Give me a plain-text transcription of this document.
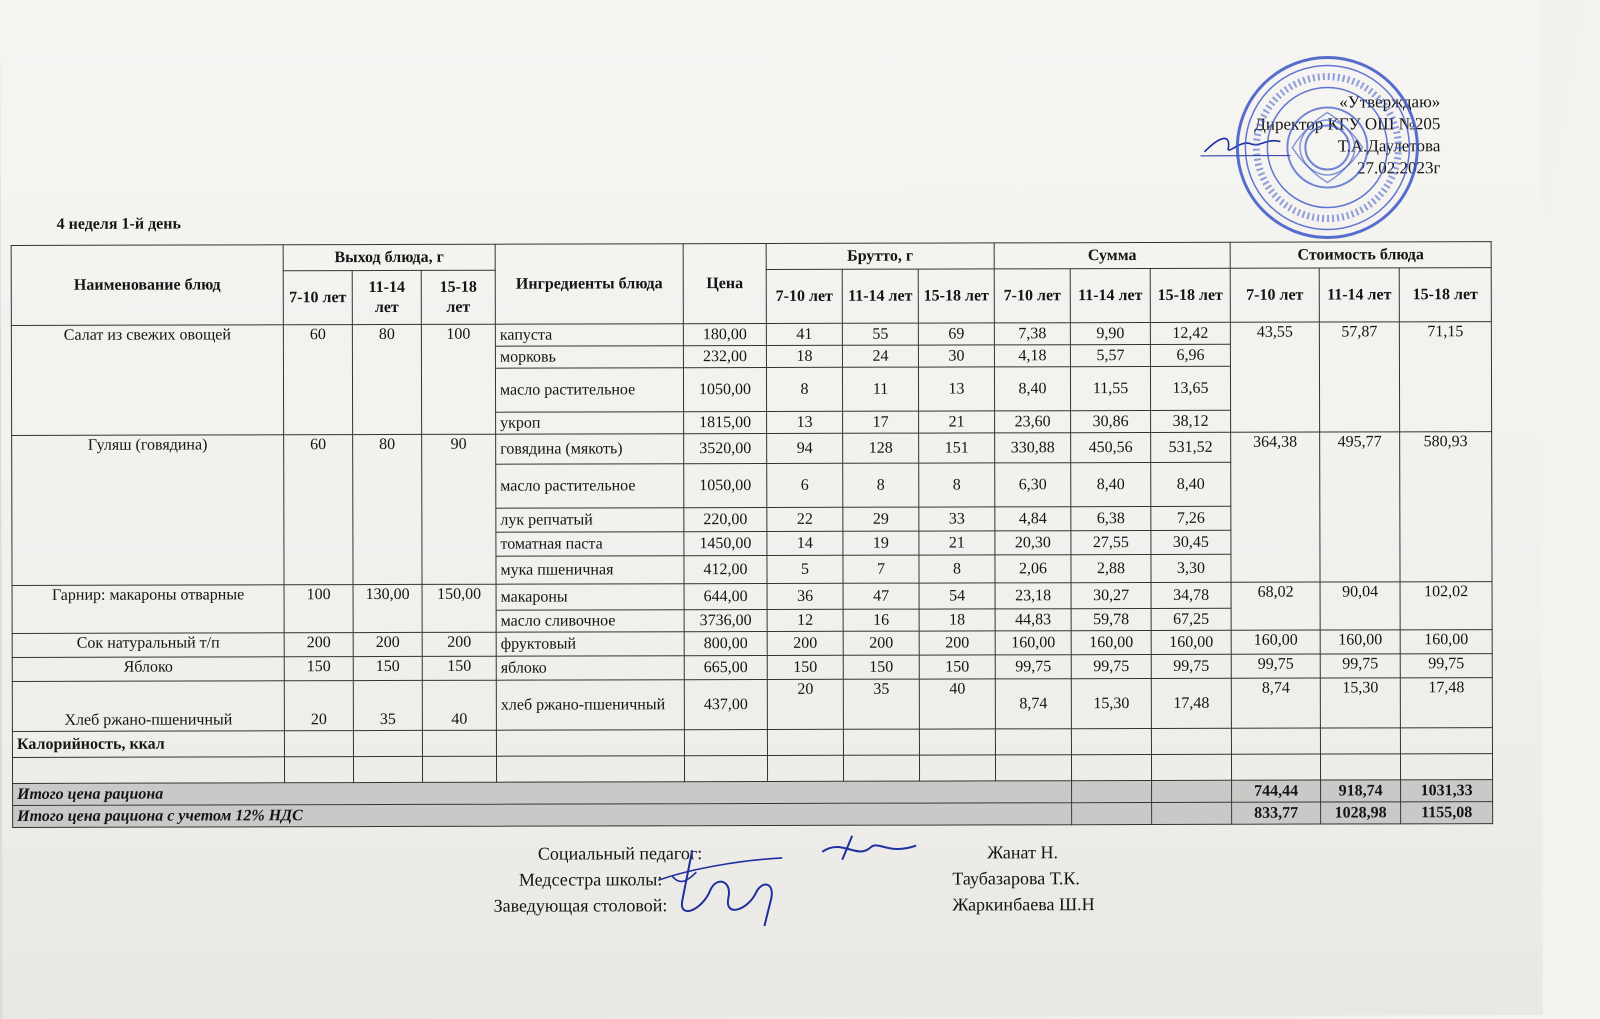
«Утверждаю»
Директор КГУ ОШ №205
Т.А.Даулетова
27.02.2023г
4 неделя 1-й день
Наименование блюд	Выход блюда, г			Ингредиенты блюда	Цена	Брутто, г			Сумма			Стоимость блюда		
	7-10 лет	11-14 лет	15-18 лет			7-10 лет	11-14 лет	15-18 лет	7-10 лет	11-14 лет	15-18 лет	7-10 лет	11-14 лет	15-18 лет
Салат из свежих овощей	60	80	100	капуста	180,00	41	55	69	7,38	9,90	12,42	43,55	57,87	71,15
				морковь	232,00	18	24	30	4,18	5,57	6,96			
				масло растительное	1050,00	8	11	13	8,40	11,55	13,65			
				укроп	1815,00	13	17	21	23,60	30,86	38,12			
Гуляш (говядина)	60	80	90	говядина (мякоть)	3520,00	94	128	151	330,88	450,56	531,52	364,38	495,77	580,93
				масло растительное	1050,00	6	8	8	6,30	8,40	8,40			
				лук репчатый	220,00	22	29	33	4,84	6,38	7,26			
				томатная паста	1450,00	14	19	21	20,30	27,55	30,45			
				мука пшеничная	412,00	5	7	8	2,06	2,88	3,30			
Гарнир: макароны отварные	100	130,00	150,00	макароны	644,00	36	47	54	23,18	30,27	34,78	68,02	90,04	102,02
				масло сливочное	3736,00	12	16	18	44,83	59,78	67,25			
Сок натуральный т/п	200	200	200	фруктовый	800,00	200	200	200	160,00	160,00	160,00	160,00	160,00	160,00
Яблоко	150	150	150	яблоко	665,00	150	150	150	99,75	99,75	99,75	99,75	99,75	99,75
Хлеб ржано-пшеничный	20	35	40	хлеб ржано-пшеничный	437,00	20	35	40	8,74	15,30	17,48	8,74	15,30	17,48
Калорийность, ккал														

Итого цена рациона												744,44	918,74	1031,33
Итого цена рациона с учетом 12% НДС												833,77	1028,98	1155,08
Социальный педагог:	Жанат Н.
Медсестра школы:	Таубазарова Т.К.
Заведующая столовой:	Жаркинбаева Ш.Н
